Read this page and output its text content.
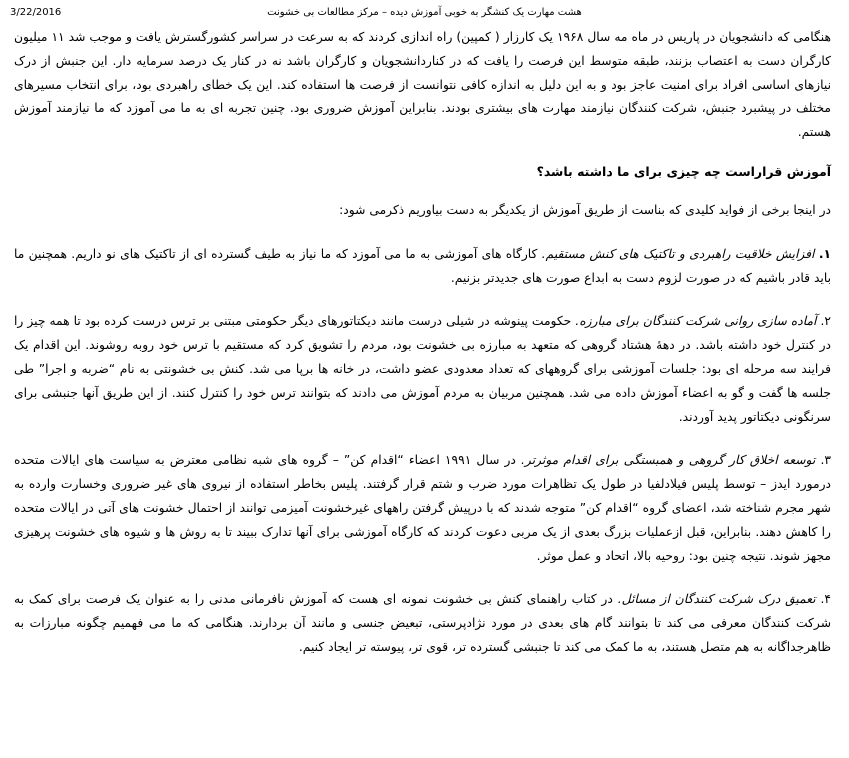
3/22/2016	هشت مهارت یک کنشگر به خوبی آموزش دیده – مرکز مطالعات بی خشونت

هنگامی که دانشجویان در پاریس در ماه مه سال ۱۹۶۸ یک کارزار ( کمپین) راه اندازی کردند که به سرعت در سراسر کشورگسترش یافت و موجب شد ۱۱ میلیون کارگران دست به اعتصاب بزنند، طبقه متوسط این فرصت را یافت که در کناردانشجویان و کارگران باشد نه در کنار یک درصد سرمایه دار. این جنبش از درک نیازهای اساسی افراد برای امنیت عاجز بود و به این دلیل به اندازه کافی نتوانست از فرصت ها استفاده کند. این یک خطای راهبردی بود، برای انتخاب مسیرهای مختلف در پیشبرد جنبش، شرکت کنندگان نیازمند مهارت های بیشتری بودند. بنابراین آموزش ضروری بود. چنین تجربه ای به ما می آموزد که ما نیازمند آموزش هستم.

آموزش قراراست چه چیزی برای ما داشته باشد؟

در اینجا برخی از فواید کلیدی که بناست از طریق آموزش از یکدیگر به دست بیاوریم ذکرمی شود:

۱. افزایش خلاقیت راهبردی و تاکتیک های کنش مستقیم. کارگاه های آموزشی به ما می آموزد که ما نیاز به طیف گسترده ای از تاکتیک های نو داریم. همچنین ما باید قادر باشیم که در صورت لزوم دست به ابداع صورت های جدیدتر بزنیم.

۲. آماده سازی روانی شرکت کنندگان برای مبارزه. حکومت پینوشه در شیلی درست مانند دیکتاتورهای دیگر حکومتی مبتنی بر ترس درست کرده بود تا همه چیز را در کنترل خود داشته باشد. در دهۀ هشتاد گروهی که متعهد به مبارزه بی خشونت بود، مردم را تشویق کرد که مستقیم با ترس خود روبه روشوند. این اقدام یک فرایند سه مرحله ای بود: جلسات آموزشی برای گروههای که تعداد معدودی عضو داشت، در خانه ها برپا می شد. کنش بی خشونتی به نام “ضربه و اجرا” طی جلسه ها گفت و گو به اعضاء آموزش داده می شد. همچنین مربیان به مردم آموزش می دادند که بتوانند ترس خود را کنترل کنند. از این طریق آنها جنبشی برای سرنگونی دیکتاتور پدید آوردند.

۳. توسعه اخلاق کار گروهی و همبستگی برای اقدام موثرتر. در سال ۱۹۹۱ اعضاء “اقدام کن” – گروه های شبه نظامی معترض به سیاست های ایالات متحده درمورد ایدز – توسط پلیس فیلادلفیا در طول یک تظاهرات مورد ضرب و شتم قرار گرفتند. پلیس بخاطر استفاده از نیروی های غیر ضروری وخسارت وارده به شهر مجرم شناخته شد، اعضای گروه “اقدام کن” متوجه شدند که با درپیش گرفتن راههای غیرخشونت آمیزمی توانند از احتمال خشونت های آتی در ایالات متحده را کاهش دهند. بنابراین، قبل ازعملیات بزرگ بعدی از یک مربی دعوت کردند که کارگاه آموزشی برای آنها تدارک ببیند تا به روش ها و شیوه های خشونت پرهیزی مجهز شوند. نتیجه چنین بود: روحیه بالا، اتحاد و عمل موثر.

۴. تعمیق درک شرکت کنندگان از مسائل. در کتاب راهنمای کنش بی خشونت نمونه ای هست که آموزش نافرمانی مدنی را به عنوان یک فرصت برای کمک به شرکت کنندگان معرفی می کند تا بتوانند گام های بعدی در مورد نژادپرستی، تبعیض جنسی و مانند آن بردارند. هنگامی که ما می فهمیم چگونه مبارزات به ظاهرجداگانه به هم متصل هستند، به ما کمک می کند تا جنبشی گسترده تر، قوی تر، پیوسته تر ایجاد کنیم.
